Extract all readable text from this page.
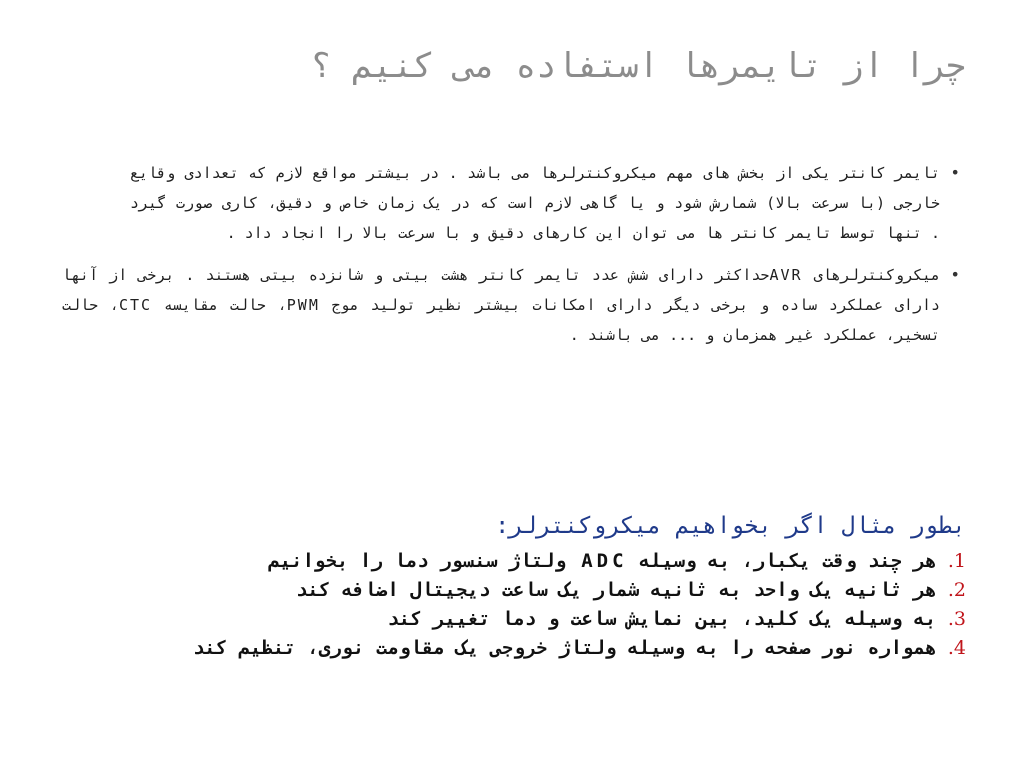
چرا از تایمرها استفاده می کنیم ؟
•
تایمر کانتر یکی از بخش های مهم میکروکنترلرها می باشد . در بیشتر مواقع لازم که تعدادی وقایع خارجی (با سرعت بالا) شمارش شود و یا گاهی لازم است که در یک زمان خاص و دقیق، کاری صورت گیرد . تنها توسط تایمر کانتر ها می توان این کارهای دقیق و با سرعت بالا را انجاد داد .
•
میکروکنترلرهای AVRحداکثر دارای شش عدد تایمر کانتر هشت بیتی و شانزده بیتی هستند . برخی از آنها دارای عملکرد ساده و برخی دیگر دارای امکانات بیشتر نظیر تولید موج PWM، حالت مقایسه CTC، حالت تسخیر، عملکرد غیر همزمان و ... می باشند .
بطور مثال اگر بخواهیم میکروکنترلر:
1. هر چند وقت یکبار، به وسیله ADC ولتاژ سنسور دما را بخوانیم
2. هر ثانیه یک واحد به ثانیه شمار یک ساعت دیجیتال اضافه کند
3. به وسیله یک کلید، بین نمایش ساعت و دما تغییر کند
4. همواره نور صفحه را به وسیله ولتاژ خروجی یک مقاومت نوری، تنظیم کند
